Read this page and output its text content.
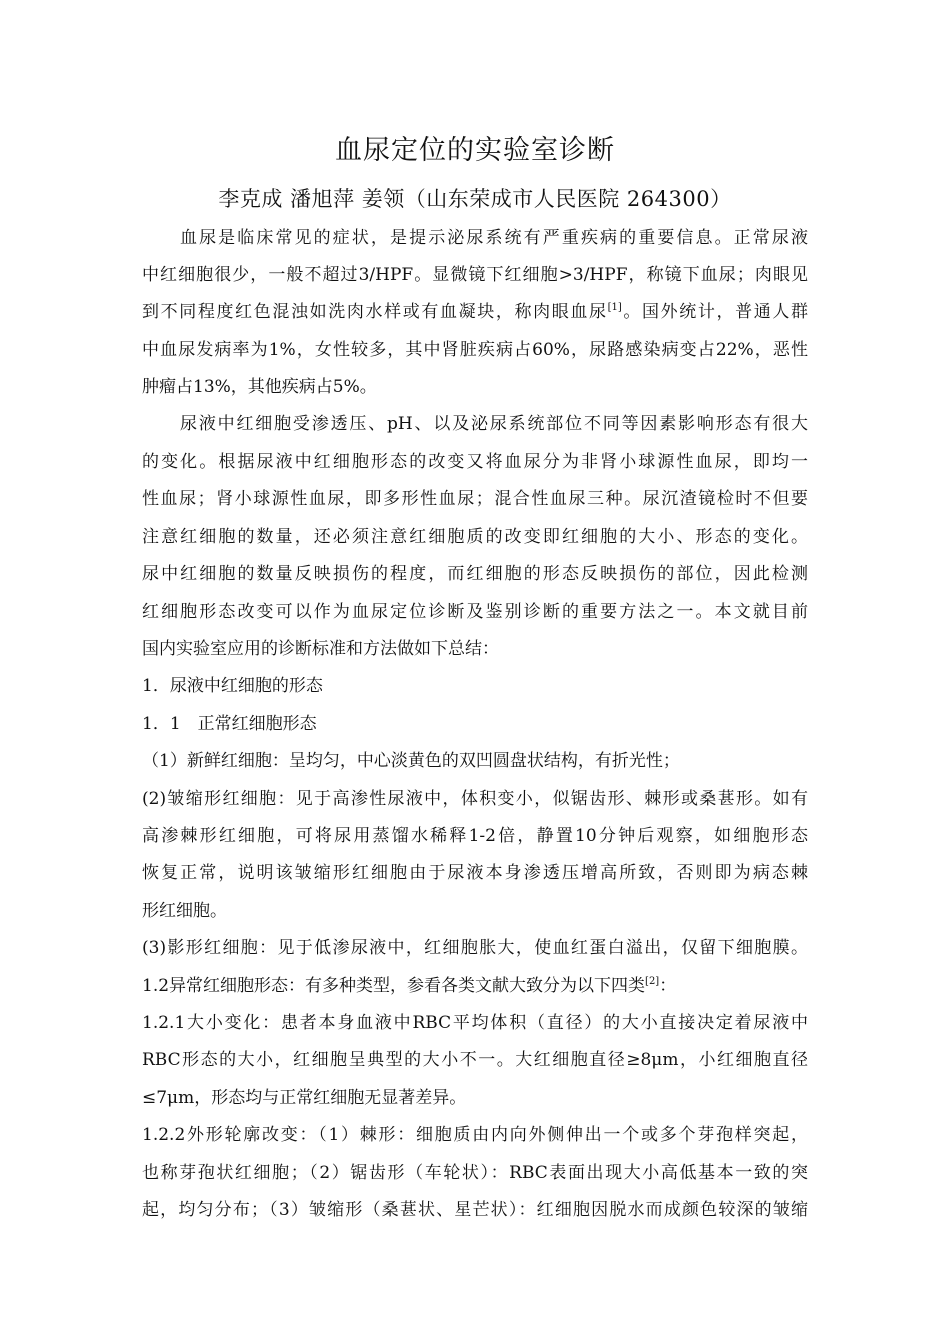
血尿定位的实验室诊断
李克成 潘旭萍 姜领（山东荣成市人民医院 264300）
血尿是临床常见的症状，是提示泌尿系统有严重疾病的重要信息。正常尿液
中红细胞很少，一般不超过3/HPF。显微镜下红细胞>3/HPF，称镜下血尿；肉眼见
到不同程度红色混浊如洗肉水样或有血凝块，称肉眼血尿[1]。国外统计，普通人群
中血尿发病率为1%，女性较多，其中肾脏疾病占60%，尿路感染病变占22%，恶性
肿瘤占13%，其他疾病占5%。
尿液中红细胞受渗透压、pH、以及泌尿系统部位不同等因素影响形态有很大
的变化。根据尿液中红细胞形态的改变又将血尿分为非肾小球源性血尿，即均一
性血尿；肾小球源性血尿，即多形性血尿；混合性血尿三种。尿沉渣镜检时不但要
注意红细胞的数量，还必须注意红细胞质的改变即红细胞的大小、形态的变化。
尿中红细胞的数量反映损伤的程度，而红细胞的形态反映损伤的部位，因此检测
红细胞形态改变可以作为血尿定位诊断及鉴别诊断的重要方法之一。本文就目前
国内实验室应用的诊断标准和方法做如下总结：
1．尿液中红细胞的形态
1．1　正常红细胞形态
（1）新鲜红细胞：呈均匀，中心淡黄色的双凹圆盘状结构，有折光性；
(2)皱缩形红细胞：见于高渗性尿液中，体积变小，似锯齿形、棘形或桑葚形。如有
高渗棘形红细胞，可将尿用蒸馏水稀释1-2倍，静置10分钟后观察，如细胞形态
恢复正常，说明该皱缩形红细胞由于尿液本身渗透压增高所致，否则即为病态棘
形红细胞。
(3)影形红细胞：见于低渗尿液中，红细胞胀大，使血红蛋白溢出，仅留下细胞膜。
1.2异常红细胞形态：有多种类型，参看各类文献大致分为以下四类[2]：
1.2.1大小变化：患者本身血液中RBC平均体积（直径）的大小直接决定着尿液中
RBC形态的大小，红细胞呈典型的大小不一。大红细胞直径≥8μm，小红细胞直径
≤7μm，形态均与正常红细胞无显著差异。
1.2.2外形轮廓改变：（1）棘形：细胞质由内向外侧伸出一个或多个芽孢样突起，
也称芽孢状红细胞；（2）锯齿形（车轮状）：RBC表面出现大小高低基本一致的突
起，均匀分布；（3）皱缩形（桑葚状、星芒状）：红细胞因脱水而成颜色较深的皱缩
